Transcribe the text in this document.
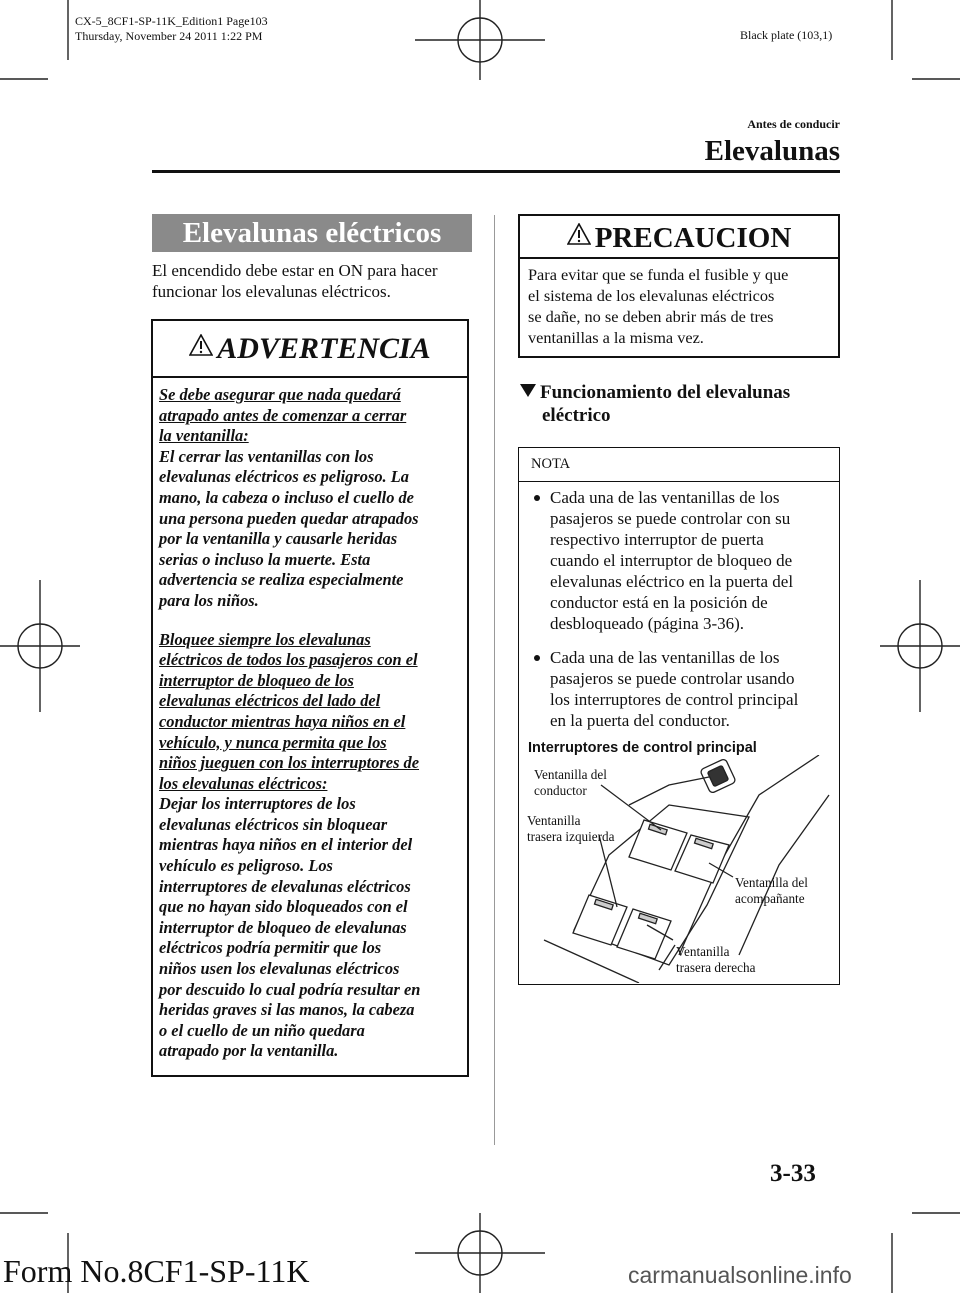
CX-5_8CF1-SP-11K_Edition1 Page103
Thursday, November 24 2011 1:22 PM	Black plate (103,1)
Antes de conducir
Elevalunas
Elevalunas eléctricos
El encendido debe estar en ON para hacer
funcionar los elevalunas eléctricos.
ADVERTENCIA

Se debe asegurar que nada quedará

atrapado antes de comenzar a cerrar

la ventanilla:

El cerrar las ventanillas con los

elevalunas eléctricos es peligroso. La

mano, la cabeza o incluso el cuello de

una persona pueden quedar atrapados

por la ventanilla y causarle heridas

serias o incluso la muerte. Esta

advertencia se realiza especialmente

para los niños.

Bloquee siempre los elevalunas

eléctricos de todos los pasajeros con el

interruptor de bloqueo de los

elevalunas eléctricos del lado del

conductor mientras haya niños en el

vehículo, y nunca permita que los

niños jueguen con los interruptores de

los elevalunas eléctricos:

Dejar los interruptores de los

elevalunas eléctricos sin bloquear

mientras haya niños en el interior del

vehículo es peligroso. Los

interruptores de elevalunas eléctricos

que no hayan sido bloqueados con el

interruptor de bloqueo de elevalunas

eléctricos podría permitir que los

niños usen los elevalunas eléctricos

por descuido lo cual podría resultar en

heridas graves si las manos, la cabeza

o el cuello de un niño quedara

atrapado por la ventanilla.

PRECAUCION
Para evitar que se funda el fusible y que
el sistema de los elevalunas eléctricos
se dañe, no se deben abrir más de tres
ventanillas a la misma vez.
Funcionamiento del elevalunas
eléctrico
NOTA
Cada una de las ventanillas de los
pasajeros se puede controlar con su
respectivo interruptor de puerta
cuando el interruptor de bloqueo de
elevalunas eléctrico en la puerta del
conductor está en la posición de
desbloqueado (página 3-36).
Cada una de las ventanillas de los
pasajeros se puede controlar usando
los interruptores de control principal
en la puerta del conductor.
Interruptores de control principal
Ventanilla del
conductor
Ventanilla
trasera izquierda
Ventanilla del
acompañante
Ventanilla
trasera derecha
3-33
Form No.8CF1-SP-11K	carmanualsonline.info
